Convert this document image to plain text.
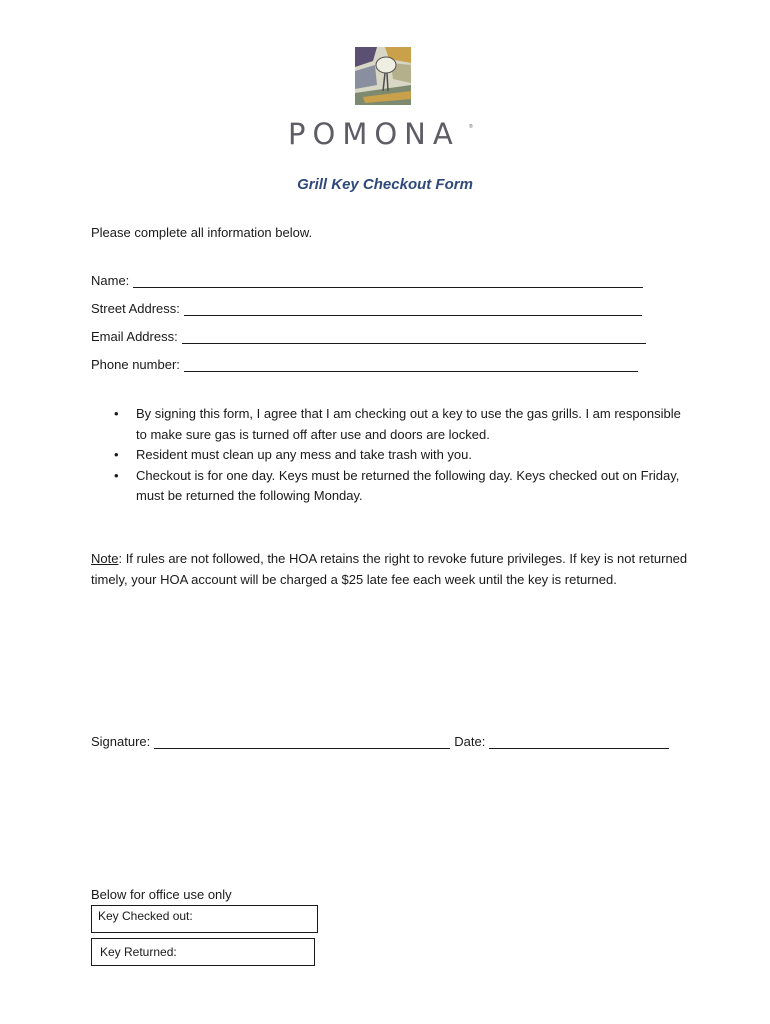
POMONA	®
Grill Key Checkout Form
Please complete all information below.
Name:
Street Address:
Email Address:
Phone number:
• By signing this form, I agree that I am checking out a key to use the gas grills. I am responsible to make sure gas is turned off after use and doors are locked.
• Resident must clean up any mess and take trash with you.
• Checkout is for one day. Keys must be returned the following day. Keys checked out on Friday, must be returned the following Monday.
Note: If rules are not followed, the HOA retains the right to revoke future privileges. If key is not returned timely, your HOA account will be charged a $25 late fee each week until the key is returned.
Signature:	Date:
Below for office use only
Key Checked out:
Key Returned:
